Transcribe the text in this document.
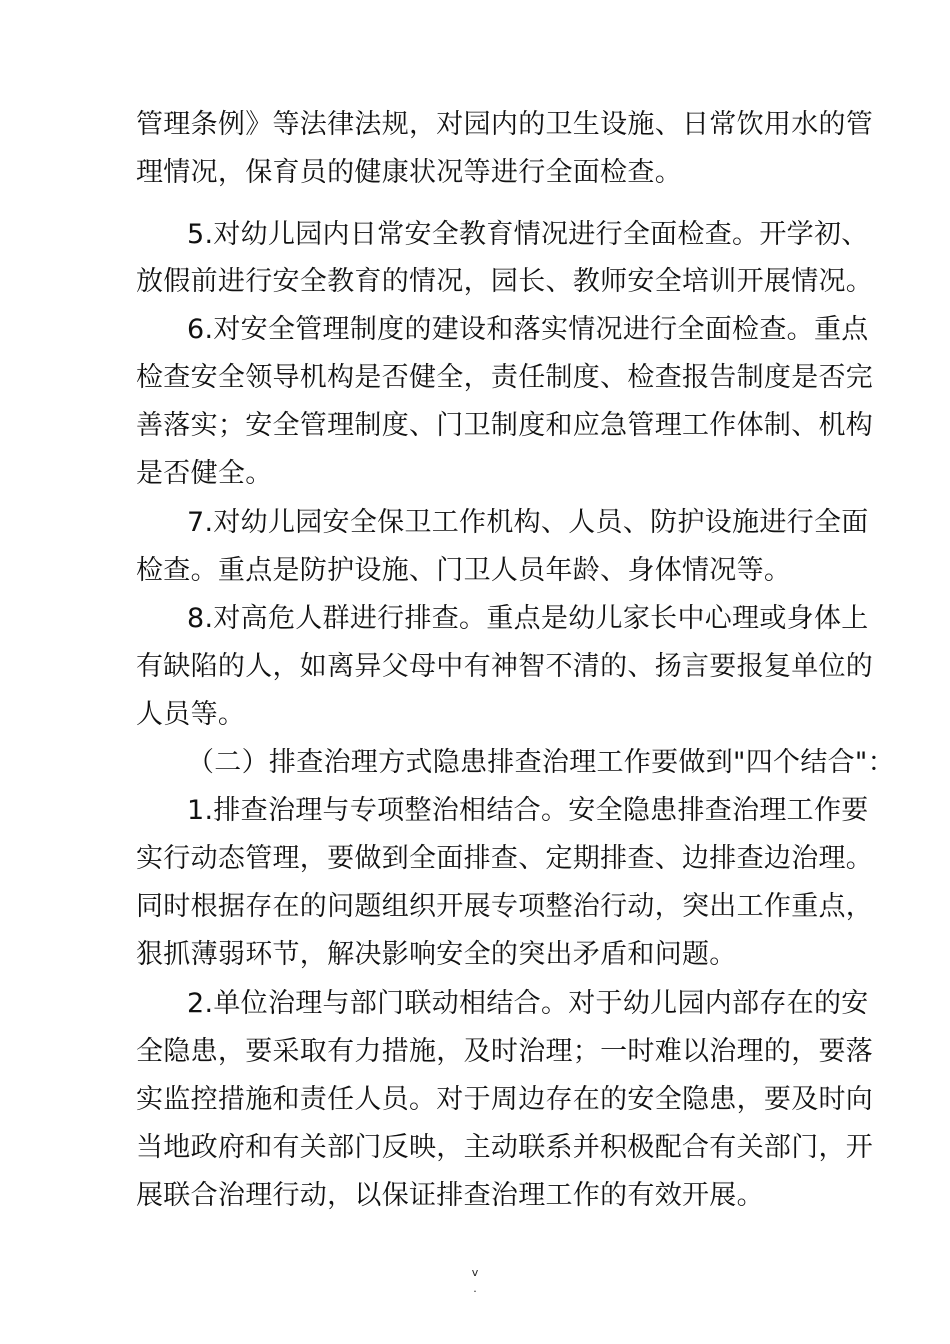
管理条例》等法律法规，对园内的卫生设施、日常饮用水的管
理情况，保育员的健康状况等进行全面检查。
5.对幼儿园内日常安全教育情况进行全面检查。开学初、
放假前进行安全教育的情况，园长、教师安全培训开展情况。
6.对安全管理制度的建设和落实情况进行全面检查。重点
检查安全领导机构是否健全，责任制度、检查报告制度是否完
善落实；安全管理制度、门卫制度和应急管理工作体制、机构
是否健全。
7.对幼儿园安全保卫工作机构、人员、防护设施进行全面
检查。重点是防护设施、门卫人员年龄、身体情况等。
8.对高危人群进行排查。重点是幼儿家长中心理或身体上
有缺陷的人，如离异父母中有神智不清的、扬言要报复单位的
人员等。
（二）排查治理方式隐患排查治理工作要做到"四个结合"：
1.排查治理与专项整治相结合。安全隐患排查治理工作要
实行动态管理，要做到全面排查、定期排查、边排查边治理。
同时根据存在的问题组织开展专项整治行动，突出工作重点，
狠抓薄弱环节，解决影响安全的突出矛盾和问题。
2.单位治理与部门联动相结合。对于幼儿园内部存在的安
全隐患，要采取有力措施，及时治理；一时难以治理的，要落
实监控措施和责任人员。对于周边存在的安全隐患，要及时向
当地政府和有关部门反映，主动联系并积极配合有关部门，开
展联合治理行动，以保证排查治理工作的有效开展。
v
.
